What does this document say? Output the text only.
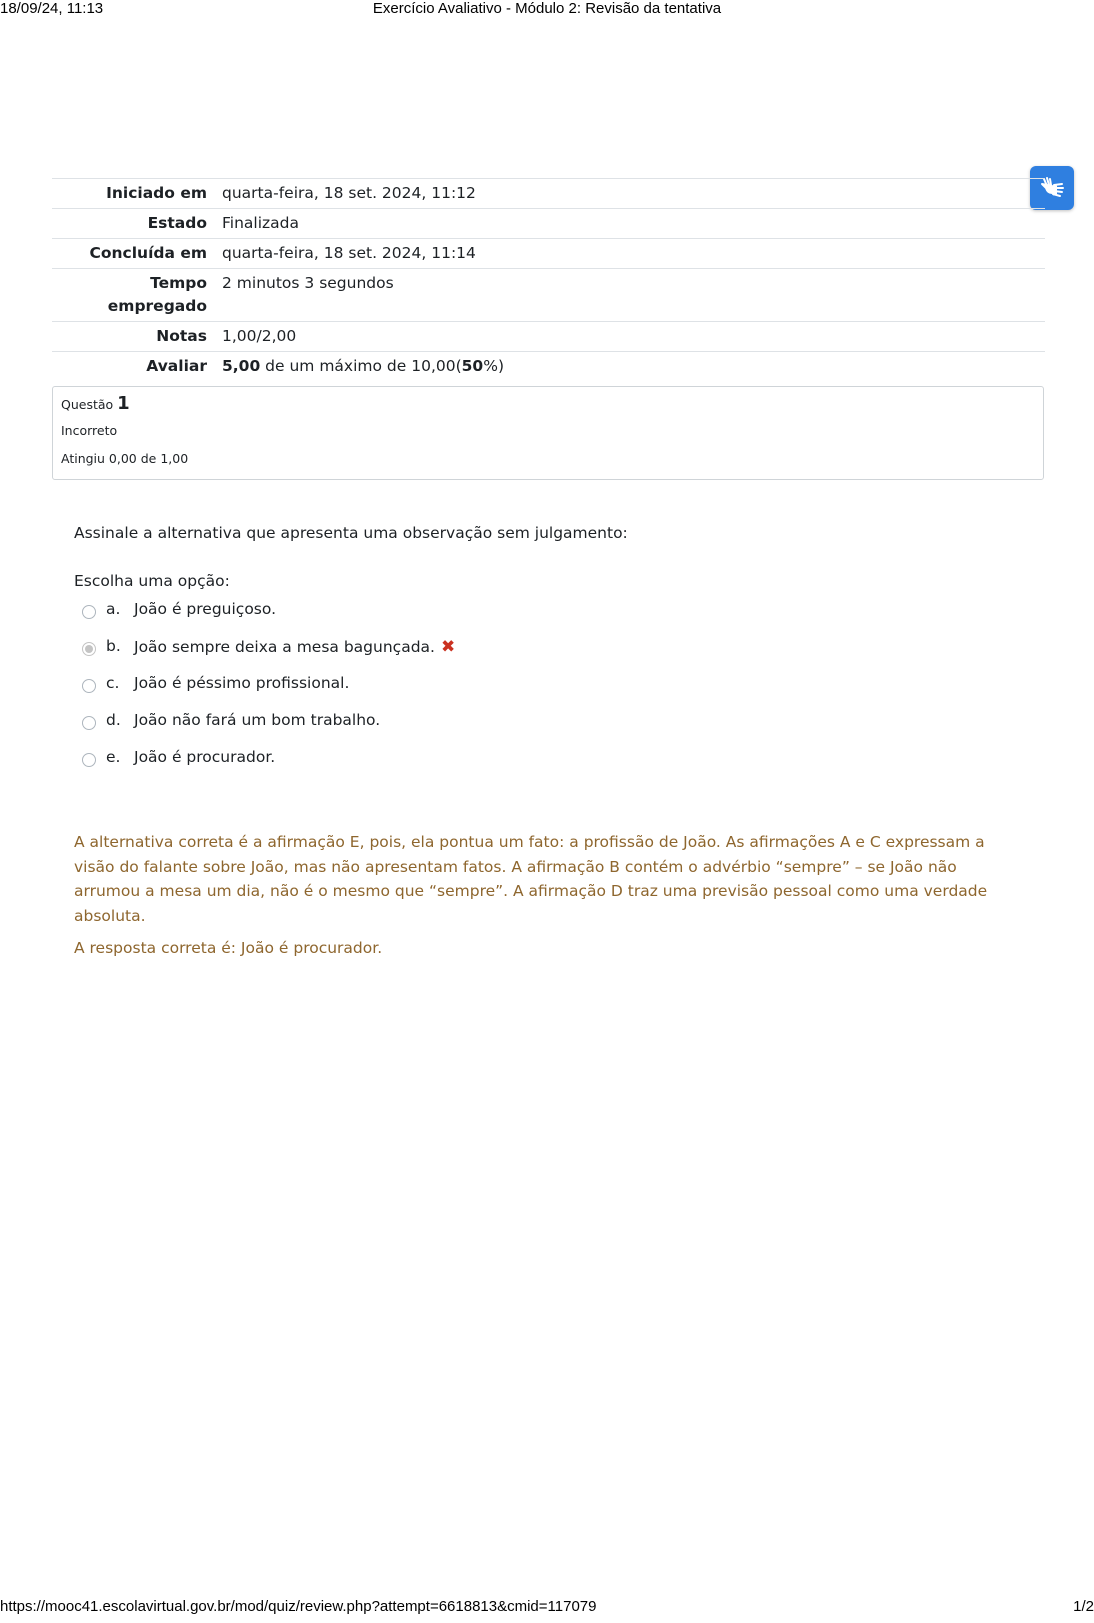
18/09/24, 11:13	Exercício Avaliativo - Módulo 2: Revisão da tentativa
Iniciado em	quarta-feira, 18 set. 2024, 11:12
Estado	Finalizada
Concluída em	quarta-feira, 18 set. 2024, 11:14
Tempo
empregado	2 minutos 3 segundos
Notas	1,00/2,00
Avaliar	5,00 de um máximo de 10,00(50%)
Questão 1
Incorreto
Atingiu 0,00 de 1,00
Assinale a alternativa que apresenta uma observação sem julgamento:
Escolha uma opção:
a. João é preguiçoso.
b. João sempre deixa a mesa bagunçada. ✖
c. João é péssimo profissional.
d. João não fará um bom trabalho.
e. João é procurador.

A alternativa correta é a afirmação E, pois, ela pontua um fato: a profissão de João. As afirmações A e C expressam a visão do falante sobre João, mas não apresentam fatos. A afirmação B contém o advérbio “sempre” – se João não arrumou a mesa um dia, não é o mesmo que “sempre”. A afirmação D traz uma previsão pessoal como uma verdade absoluta.

A resposta correta é: João é procurador.

https://mooc41.escolavirtual.gov.br/mod/quiz/review.php?attempt=6618813&cmid=117079	1/2
